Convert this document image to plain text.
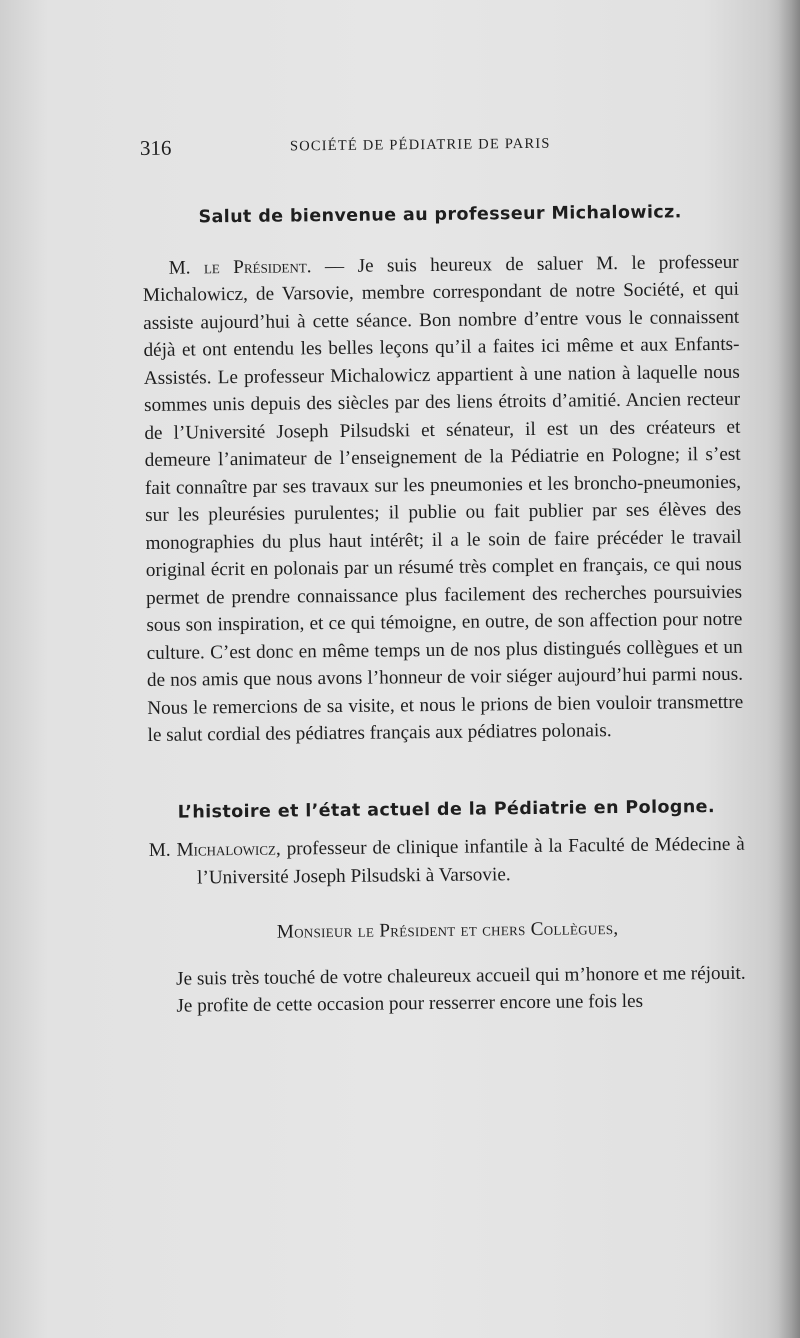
316	SOCIÉTÉ DE PÉDIATRIE DE PARIS
Salut de bienvenue au professeur Michalowicz.

M. le Président. — Je suis heureux de saluer M. le professeur Michalowicz, de Varsovie, membre correspondant de notre Société, et qui assiste aujourd’hui à cette séance. Bon nombre d’entre vous le connaissent déjà et ont entendu les belles leçons qu’il a faites ici même et aux Enfants-Assistés. Le professeur Michalowicz appartient à une nation à laquelle nous sommes unis depuis des siècles par des liens étroits d’amitié. Ancien recteur de l’Université Joseph Pilsudski et sénateur, il est un des créateurs et demeure l’animateur de l’enseignement de la Pédiatrie en Pologne; il s’est fait connaître par ses travaux sur les pneumonies et les broncho-pneumonies, sur les pleurésies purulentes; il publie ou fait publier par ses élèves des monographies du plus haut intérêt; il a le soin de faire précéder le travail original écrit en polonais par un résumé très complet en français, ce qui nous permet de prendre connaissance plus facilement des recherches poursuivies sous son inspiration, et ce qui témoigne, en outre, de son affection pour notre culture. C’est donc en même temps un de nos plus distingués collègues et un de nos amis que nous avons l’honneur de voir siéger aujourd’hui parmi nous. Nous le remercions de sa visite, et nous le prions de bien vouloir transmettre le salut cordial des pédiatres français aux pédiatres polonais.

L’histoire et l’état actuel de la Pédiatrie en Pologne.

M. Michalowicz, professeur de clinique infantile à la Faculté de Médecine à l’Université Joseph Pilsudski à Varsovie.

Monsieur le Président et chers Collègues,

Je suis très touché de votre chaleureux accueil qui m’honore et me réjouit.

Je profite de cette occasion pour resserrer encore une fois les
